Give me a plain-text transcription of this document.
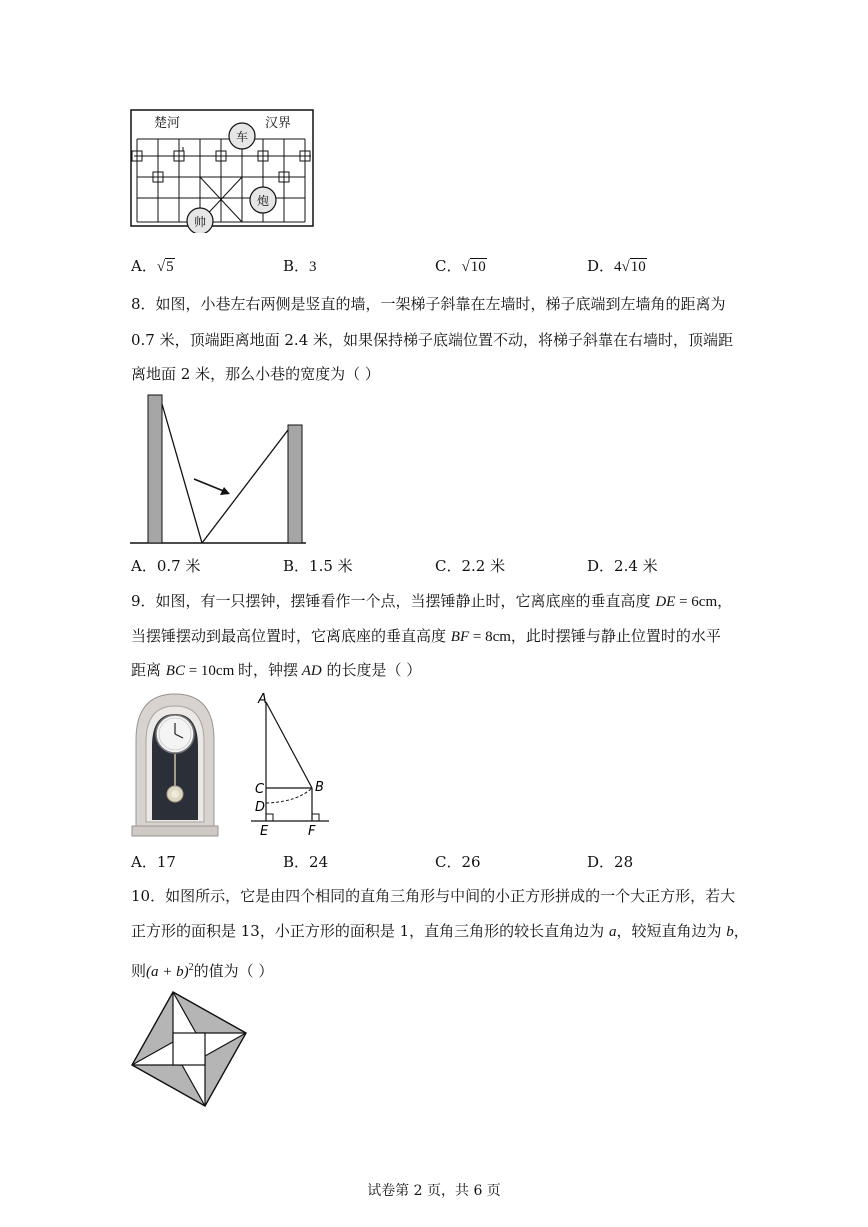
楚河	汉界
车
炮
帅
A．√5	B．3	C．√10	D．4√10
8．如图，小巷左右两侧是竖直的墙，一架梯子斜靠在左墙时，梯子底端到左墙角的距离为
0.7 米，顶端距离地面 2.4 米，如果保持梯子底端位置不动，将梯子斜靠在右墙时，顶端距
离地面 2 米，那么小巷的宽度为（ ）
A．0.7 米	B．1.5 米	C．2.2 米	D．2.4 米
9．如图，有一只摆钟，摆锤看作一个点，当摆锤静止时，它离底座的垂直高度 DE = 6cm，
当摆锤摆动到最高位置时，它离底座的垂直高度 BF = 8cm，此时摆锤与静止位置时的水平
距离 BC = 10cm 时，钟摆 AD 的长度是（ ）
A
B
C
D
E	F
A．17	B．24	C．26	D．28
10．如图所示，它是由四个相同的直角三角形与中间的小正方形拼成的一个大正方形，若大
正方形的面积是 13，小正方形的面积是 1，直角三角形的较长直角边为 a，较短直角边为 b，
则$(a + b)^2$的值为（ ）
试卷第 2 页，共 6 页
